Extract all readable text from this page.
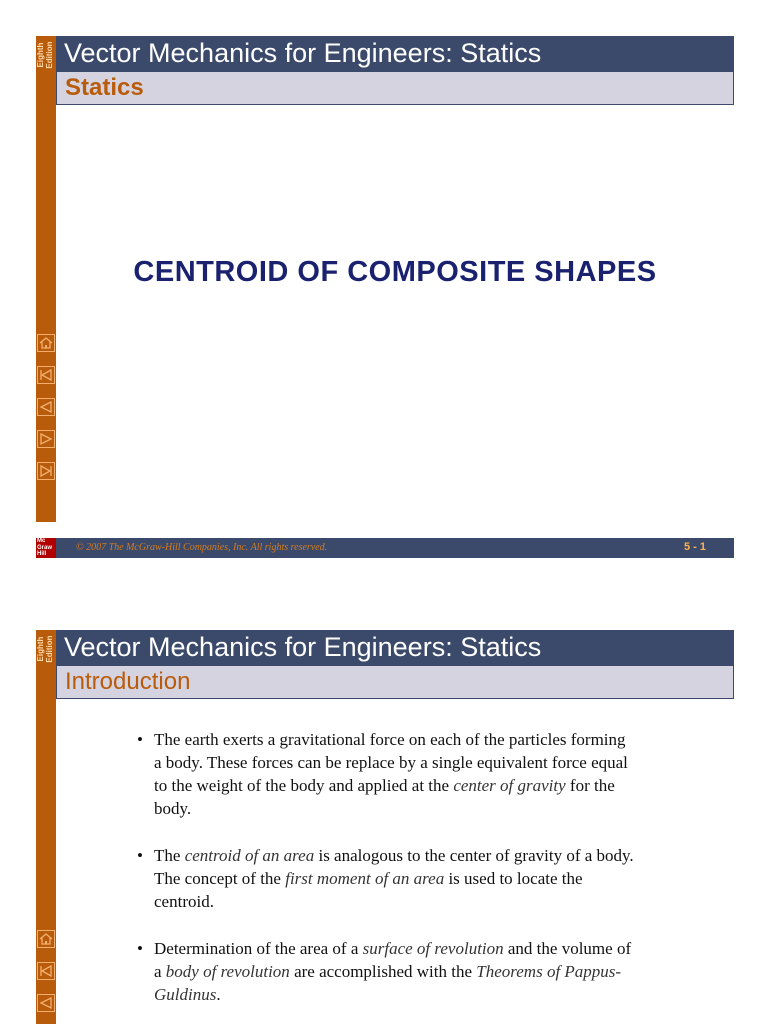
Eighth Edition Vector Mechanics for Engineers: Statics
Statics
CENTROID OF COMPOSITE SHAPES
Mc
Graw
Hill
© 2007 The McGraw-Hill Companies, Inc. All rights reserved.	5 - 1
Eighth Edition Vector Mechanics for Engineers: Statics
Introduction
• The earth exerts a gravitational force on each of the particles forming a body. These forces can be replace by a single equivalent force equal to the weight of the body and applied at the center of gravity for the body.
• The centroid of an area is analogous to the center of gravity of a body. The concept of the first moment of an area is used to locate the centroid.
• Determination of the area of a surface of revolution and the volume of a body of revolution are accomplished with the Theorems of Pappus-Guldinus.
